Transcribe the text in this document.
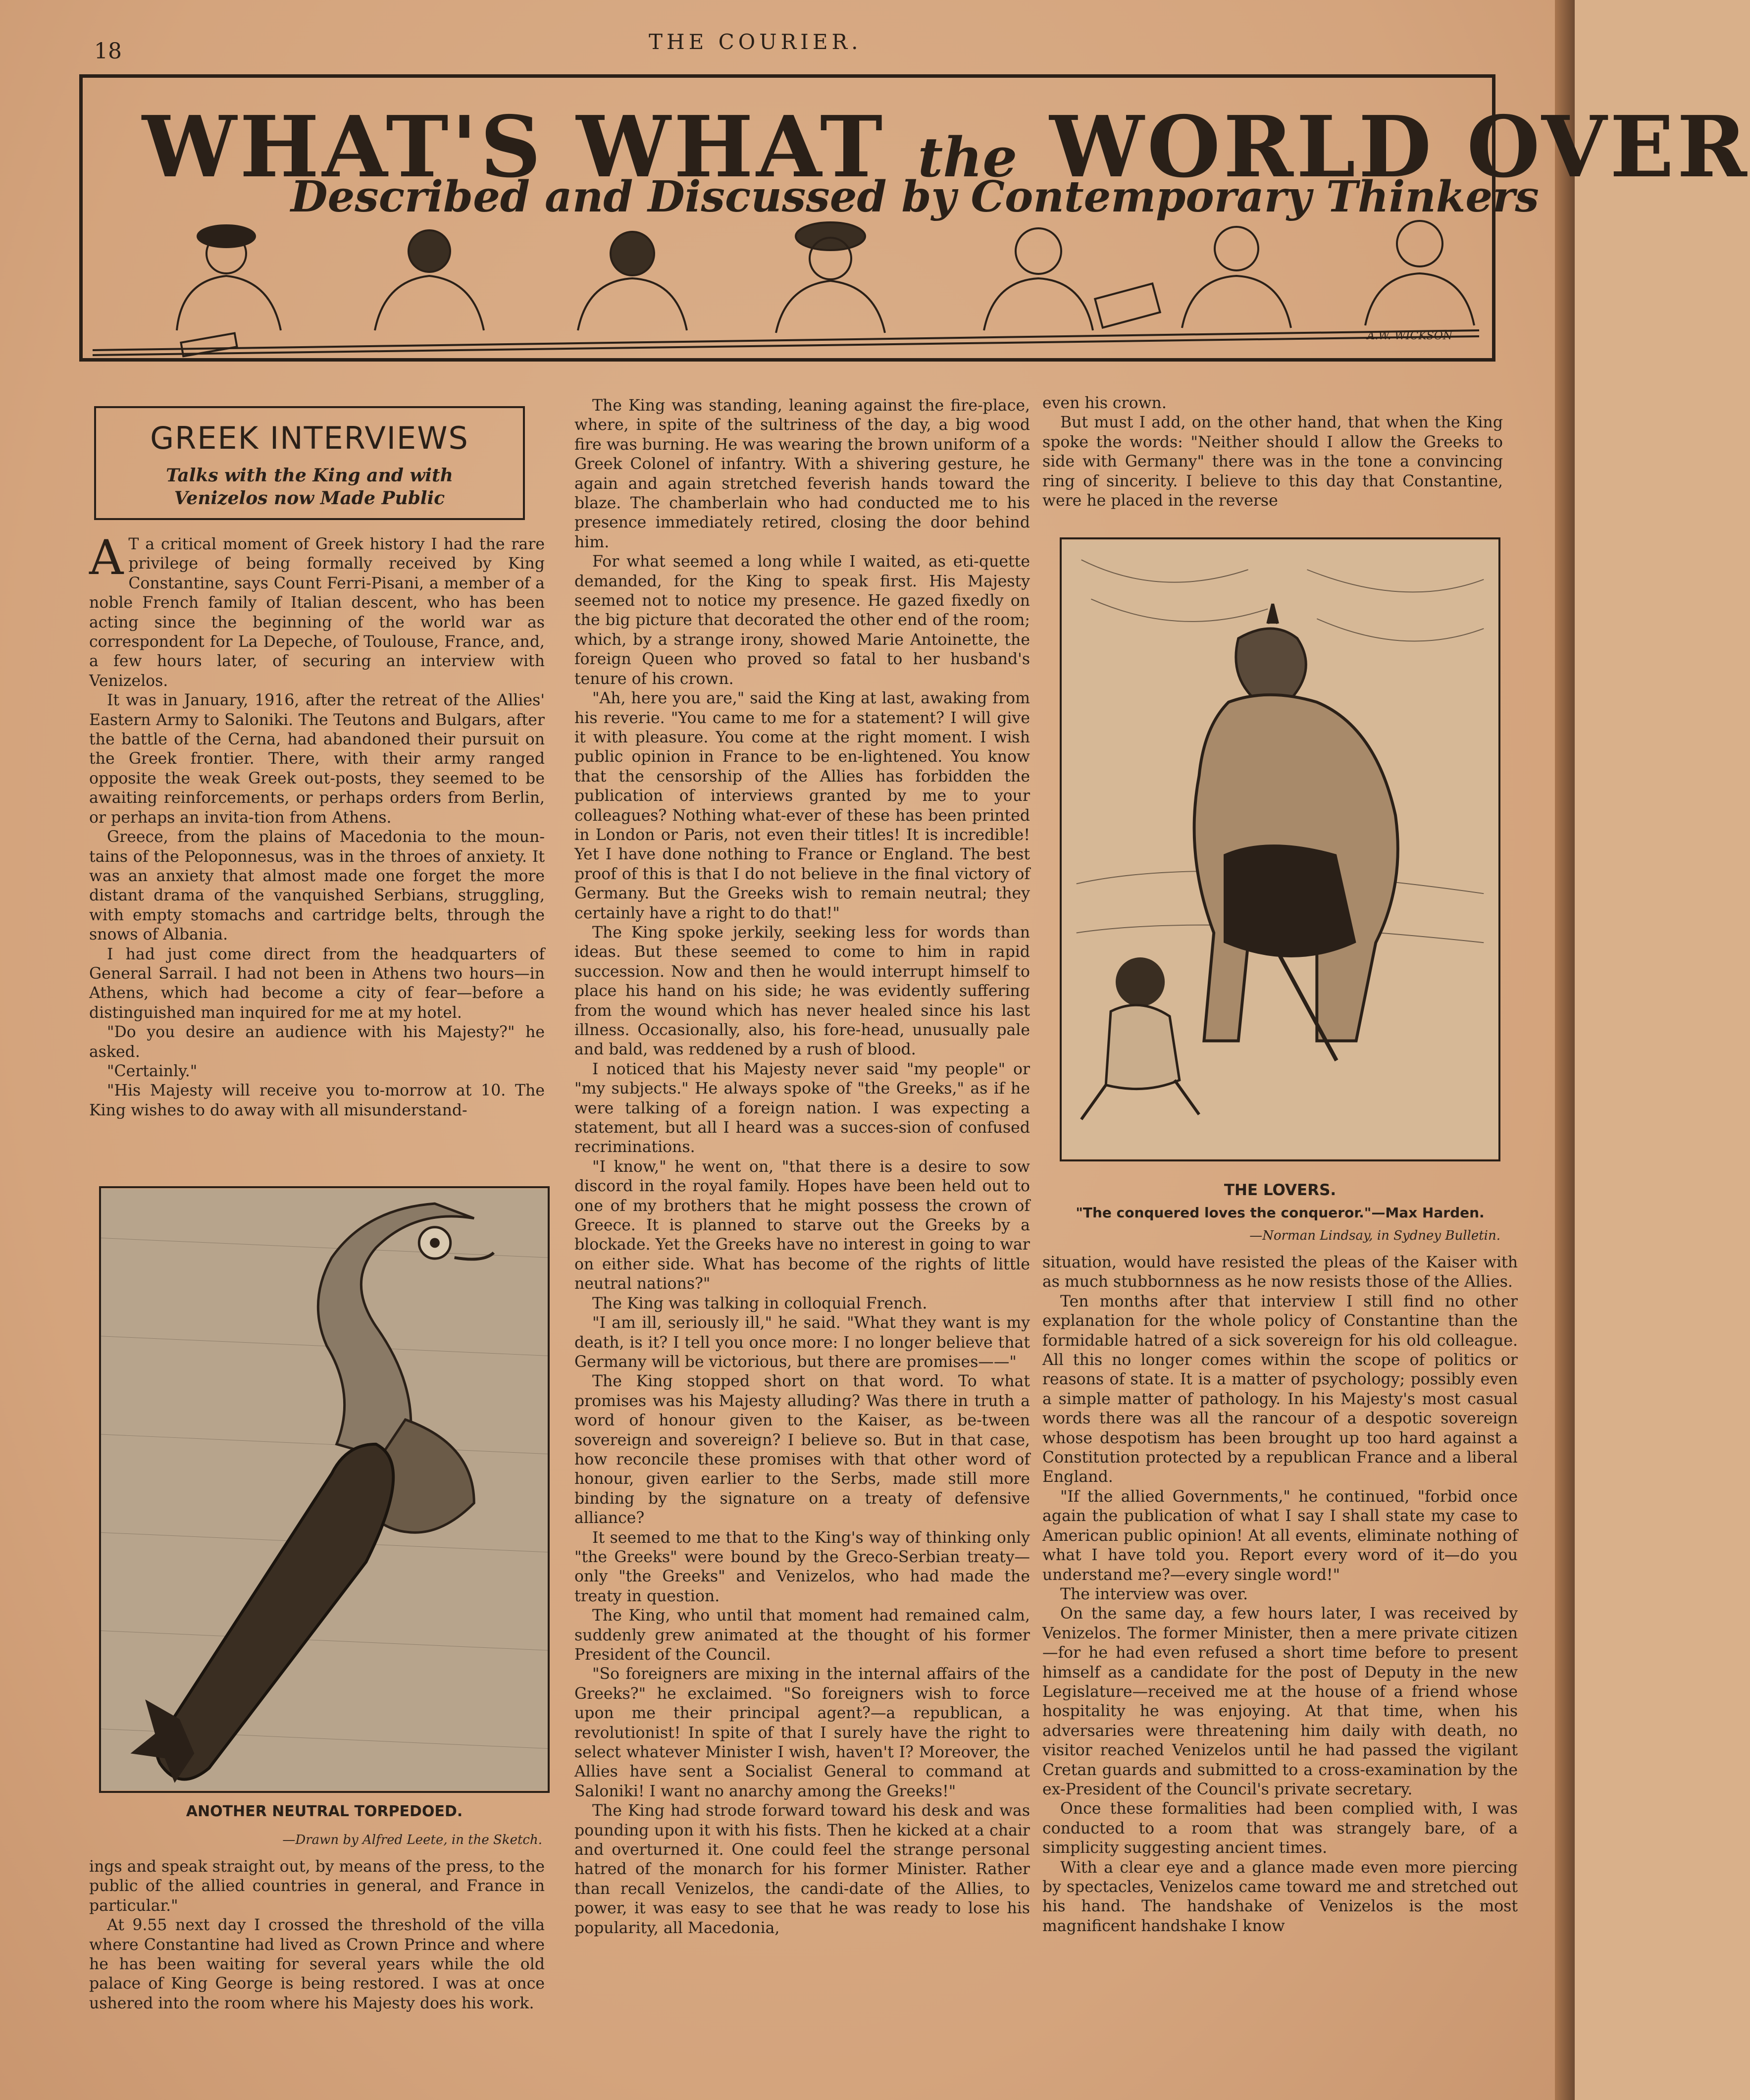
18	THE COURIER.
WHAT'S WHAT the WORLD OVER
Described and Discussed by Contemporary Thinkers
A.W. WICKSON
GREEK INTERVIEWS
Talks with the King and with Venizelos now Made Public
A T a critical moment of Greek history I had the rare privilege of being formally received by King Constantine, says Count Ferri-Pisani, a member of a noble French family of Italian descent, who has been acting since the beginning of the world war as correspondent for La Depeche, of Toulouse, France, and, a few hours later, of securing an interview with Venizelos.

It was in January, 1916, after the retreat of the Allies' Eastern Army to Saloniki. The Teutons and Bulgars, after the battle of the Cerna, had abandoned their pursuit on the Greek frontier. There, with their army ranged opposite the weak Greek out-posts, they seemed to be awaiting reinforcements, or perhaps orders from Berlin, or perhaps an invita-tion from Athens.

Greece, from the plains of Macedonia to the moun-tains of the Peloponnesus, was in the throes of anxiety. It was an anxiety that almost made one forget the more distant drama of the vanquished Serbians, struggling, with empty stomachs and cartridge belts, through the snows of Albania.

I had just come direct from the headquarters of General Sarrail. I had not been in Athens two hours—in Athens, which had become a city of fear—before a distinguished man inquired for me at my hotel.

"Do you desire an audience with his Majesty?" he asked.

"Certainly."

"His Majesty will receive you to-morrow at 10. The King wishes to do away with all misunderstand-

ANOTHER NEUTRAL TORPEDOED.
—Drawn by Alfred Leete, in the Sketch.

ings and speak straight out, by means of the press, to the public of the allied countries in general, and France in particular."

At 9.55 next day I crossed the threshold of the villa where Constantine had lived as Crown Prince and where he has been waiting for several years while the old palace of King George is being restored. I was at once ushered into the room where his Majesty does his work.

The King was standing, leaning against the fire-place, where, in spite of the sultriness of the day, a big wood fire was burning. He was wearing the brown uniform of a Greek Colonel of infantry. With a shivering gesture, he again and again stretched feverish hands toward the blaze. The chamberlain who had conducted me to his presence immediately retired, closing the door behind him.

For what seemed a long while I waited, as eti-quette demanded, for the King to speak first. His Majesty seemed not to notice my presence. He gazed fixedly on the big picture that decorated the other end of the room; which, by a strange irony, showed Marie Antoinette, the foreign Queen who proved so fatal to her husband's tenure of his crown.

"Ah, here you are," said the King at last, awaking from his reverie. "You came to me for a statement? I will give it with pleasure. You come at the right moment. I wish public opinion in France to be en-lightened. You know that the censorship of the Allies has forbidden the publication of interviews granted by me to your colleagues? Nothing what-ever of these has been printed in London or Paris, not even their titles! It is incredible! Yet I have done nothing to France or England. The best proof of this is that I do not believe in the final victory of Germany. But the Greeks wish to remain neutral; they certainly have a right to do that!"

The King spoke jerkily, seeking less for words than ideas. But these seemed to come to him in rapid succession. Now and then he would interrupt himself to place his hand on his side; he was evidently suffering from the wound which has never healed since his last illness. Occasionally, also, his fore-head, unusually pale and bald, was reddened by a rush of blood.

I noticed that his Majesty never said "my people" or "my subjects." He always spoke of "the Greeks," as if he were talking of a foreign nation. I was expecting a statement, but all I heard was a succes-sion of confused recriminations.

"I know," he went on, "that there is a desire to sow discord in the royal family. Hopes have been held out to one of my brothers that he might possess the crown of Greece. It is planned to starve out the Greeks by a blockade. Yet the Greeks have no interest in going to war on either side. What has become of the rights of little neutral nations?"

The King was talking in colloquial French.

"I am ill, seriously ill," he said. "What they want is my death, is it? I tell you once more: I no longer believe that Germany will be victorious, but there are promises——"

The King stopped short on that word. To what promises was his Majesty alluding? Was there in truth a word of honour given to the Kaiser, as be-tween sovereign and sovereign? I believe so. But in that case, how reconcile these promises with that other word of honour, given earlier to the Serbs, made still more binding by the signature on a treaty of defensive alliance?

It seemed to me that to the King's way of thinking only "the Greeks" were bound by the Greco-Serbian treaty—only "the Greeks" and Venizelos, who had made the treaty in question.

The King, who until that moment had remained calm, suddenly grew animated at the thought of his former President of the Council.

"So foreigners are mixing in the internal affairs of the Greeks?" he exclaimed. "So foreigners wish to force upon me their principal agent?—a republican, a revolutionist! In spite of that I surely have the right to select whatever Minister I wish, haven't I? Moreover, the Allies have sent a Socialist General to command at Saloniki! I want no anarchy among the Greeks!"

The King had strode forward toward his desk and was pounding upon it with his fists. Then he kicked at a chair and overturned it. One could feel the strange personal hatred of the monarch for his former Minister. Rather than recall Venizelos, the candi-date of the Allies, to power, it was easy to see that he was ready to lose his popularity, all Macedonia,

even his crown.

But must I add, on the other hand, that when the King spoke the words: "Neither should I allow the Greeks to side with Germany" there was in the tone a convincing ring of sincerity. I believe to this day that Constantine, were he placed in the reverse

THE LOVERS.
"The conquered loves the conqueror."—Max Harden.
—Norman Lindsay, in Sydney Bulletin.

situation, would have resisted the pleas of the Kaiser with as much stubbornness as he now resists those of the Allies.

Ten months after that interview I still find no other explanation for the whole policy of Constantine than the formidable hatred of a sick sovereign for his old colleague. All this no longer comes within the scope of politics or reasons of state. It is a matter of psychology; possibly even a simple matter of pathology. In his Majesty's most casual words there was all the rancour of a despotic sovereign whose despotism has been brought up too hard against a Constitution protected by a republican France and a liberal England.

"If the allied Governments," he continued, "forbid once again the publication of what I say I shall state my case to American public opinion! At all events, eliminate nothing of what I have told you. Report every word of it—do you understand me?—every single word!"

The interview was over.

On the same day, a few hours later, I was received by Venizelos. The former Minister, then a mere private citizen—for he had even refused a short time before to present himself as a candidate for the post of Deputy in the new Legislature—received me at the house of a friend whose hospitality he was enjoying. At that time, when his adversaries were threatening him daily with death, no visitor reached Venizelos until he had passed the vigilant Cretan guards and submitted to a cross-examination by the ex-President of the Council's private secretary.

Once these formalities had been complied with, I was conducted to a room that was strangely bare, of a simplicity suggesting ancient times.

With a clear eye and a glance made even more piercing by spectacles, Venizelos came toward me and stretched out his hand. The handshake of Venizelos is the most magnificent handshake I know
